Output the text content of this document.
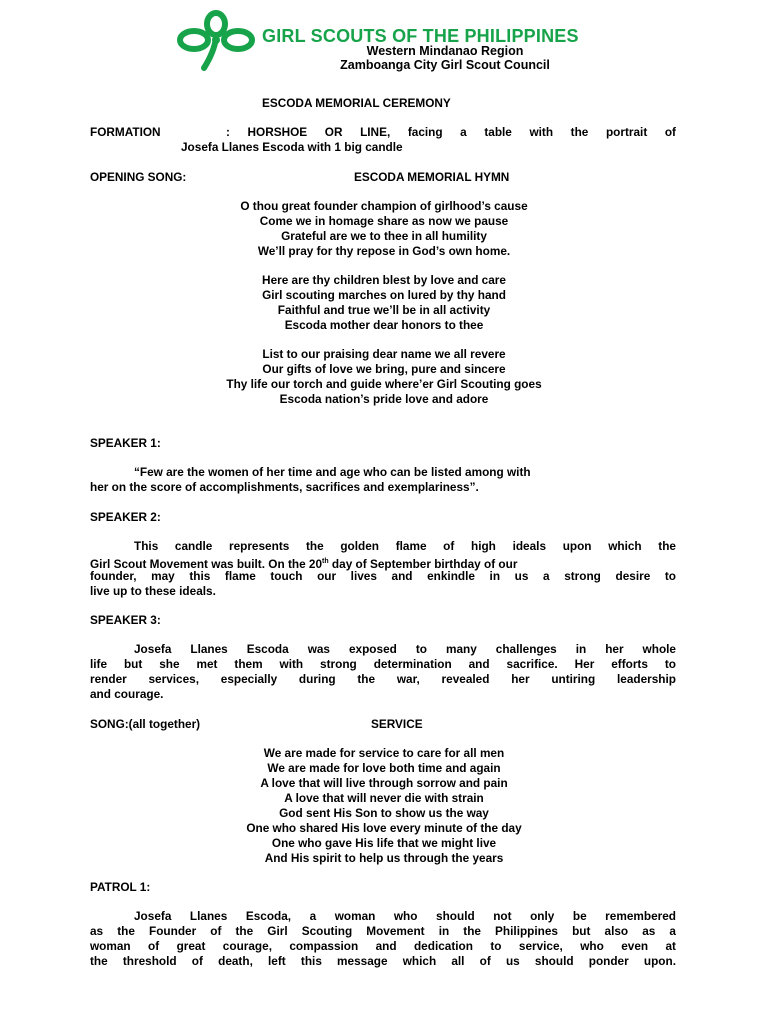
GIRL SCOUTS OF THE PHILIPPINES
Western Mindanao Region
Zamboanga City Girl Scout Council
ESCODA MEMORIAL CEREMONY
FORMATION	: HORSHOE OR LINE, facing a table with the portrait of
Josefa Llanes Escoda with 1 big candle
OPENING SONG:	ESCODA MEMORIAL HYMN
O thou great founder champion of girlhood’s cause
Come we in homage share as now we pause
Grateful are we to thee in all humility
We’ll pray for thy repose in God’s own home.
Here are thy children blest by love and care
Girl scouting marches on lured by thy hand
Faithful and true we’ll be in all activity
Escoda mother dear honors to thee
List to our praising dear name we all revere
Our gifts of love we bring, pure and sincere
Thy life our torch and guide where’er Girl Scouting goes
Escoda nation’s pride love and adore
SPEAKER 1:
“Few are the women of her time and age who can be listed among with
her on the score of accomplishments, sacrifices and exemplariness”.
SPEAKER 2:
This candle represents the golden flame of high ideals upon which the
Girl Scout Movement was built. On the 20th day of September birthday of our
founder, may this flame touch our lives and enkindle in us a strong desire to
live up to these ideals.
SPEAKER 3:
Josefa Llanes Escoda was exposed to many challenges in her whole
life but she met them with strong determination and sacrifice. Her efforts to
render services, especially during the war, revealed her untiring leadership
and courage.
SONG:(all together)	SERVICE
We are made for service to care for all men
We are made for love both time and again
A love that will live through sorrow and pain
A love that will never die with strain
God sent His Son to show us the way
One who shared His love every minute of the day
One who gave His life that we might live
And His spirit to help us through the years
PATROL 1:
Josefa Llanes Escoda, a woman who should not only be remembered
as the Founder of the Girl Scouting Movement in the Philippines but also as a
woman of great courage, compassion and dedication to service, who even at
the threshold of death, left this message which all of us should ponder upon.
